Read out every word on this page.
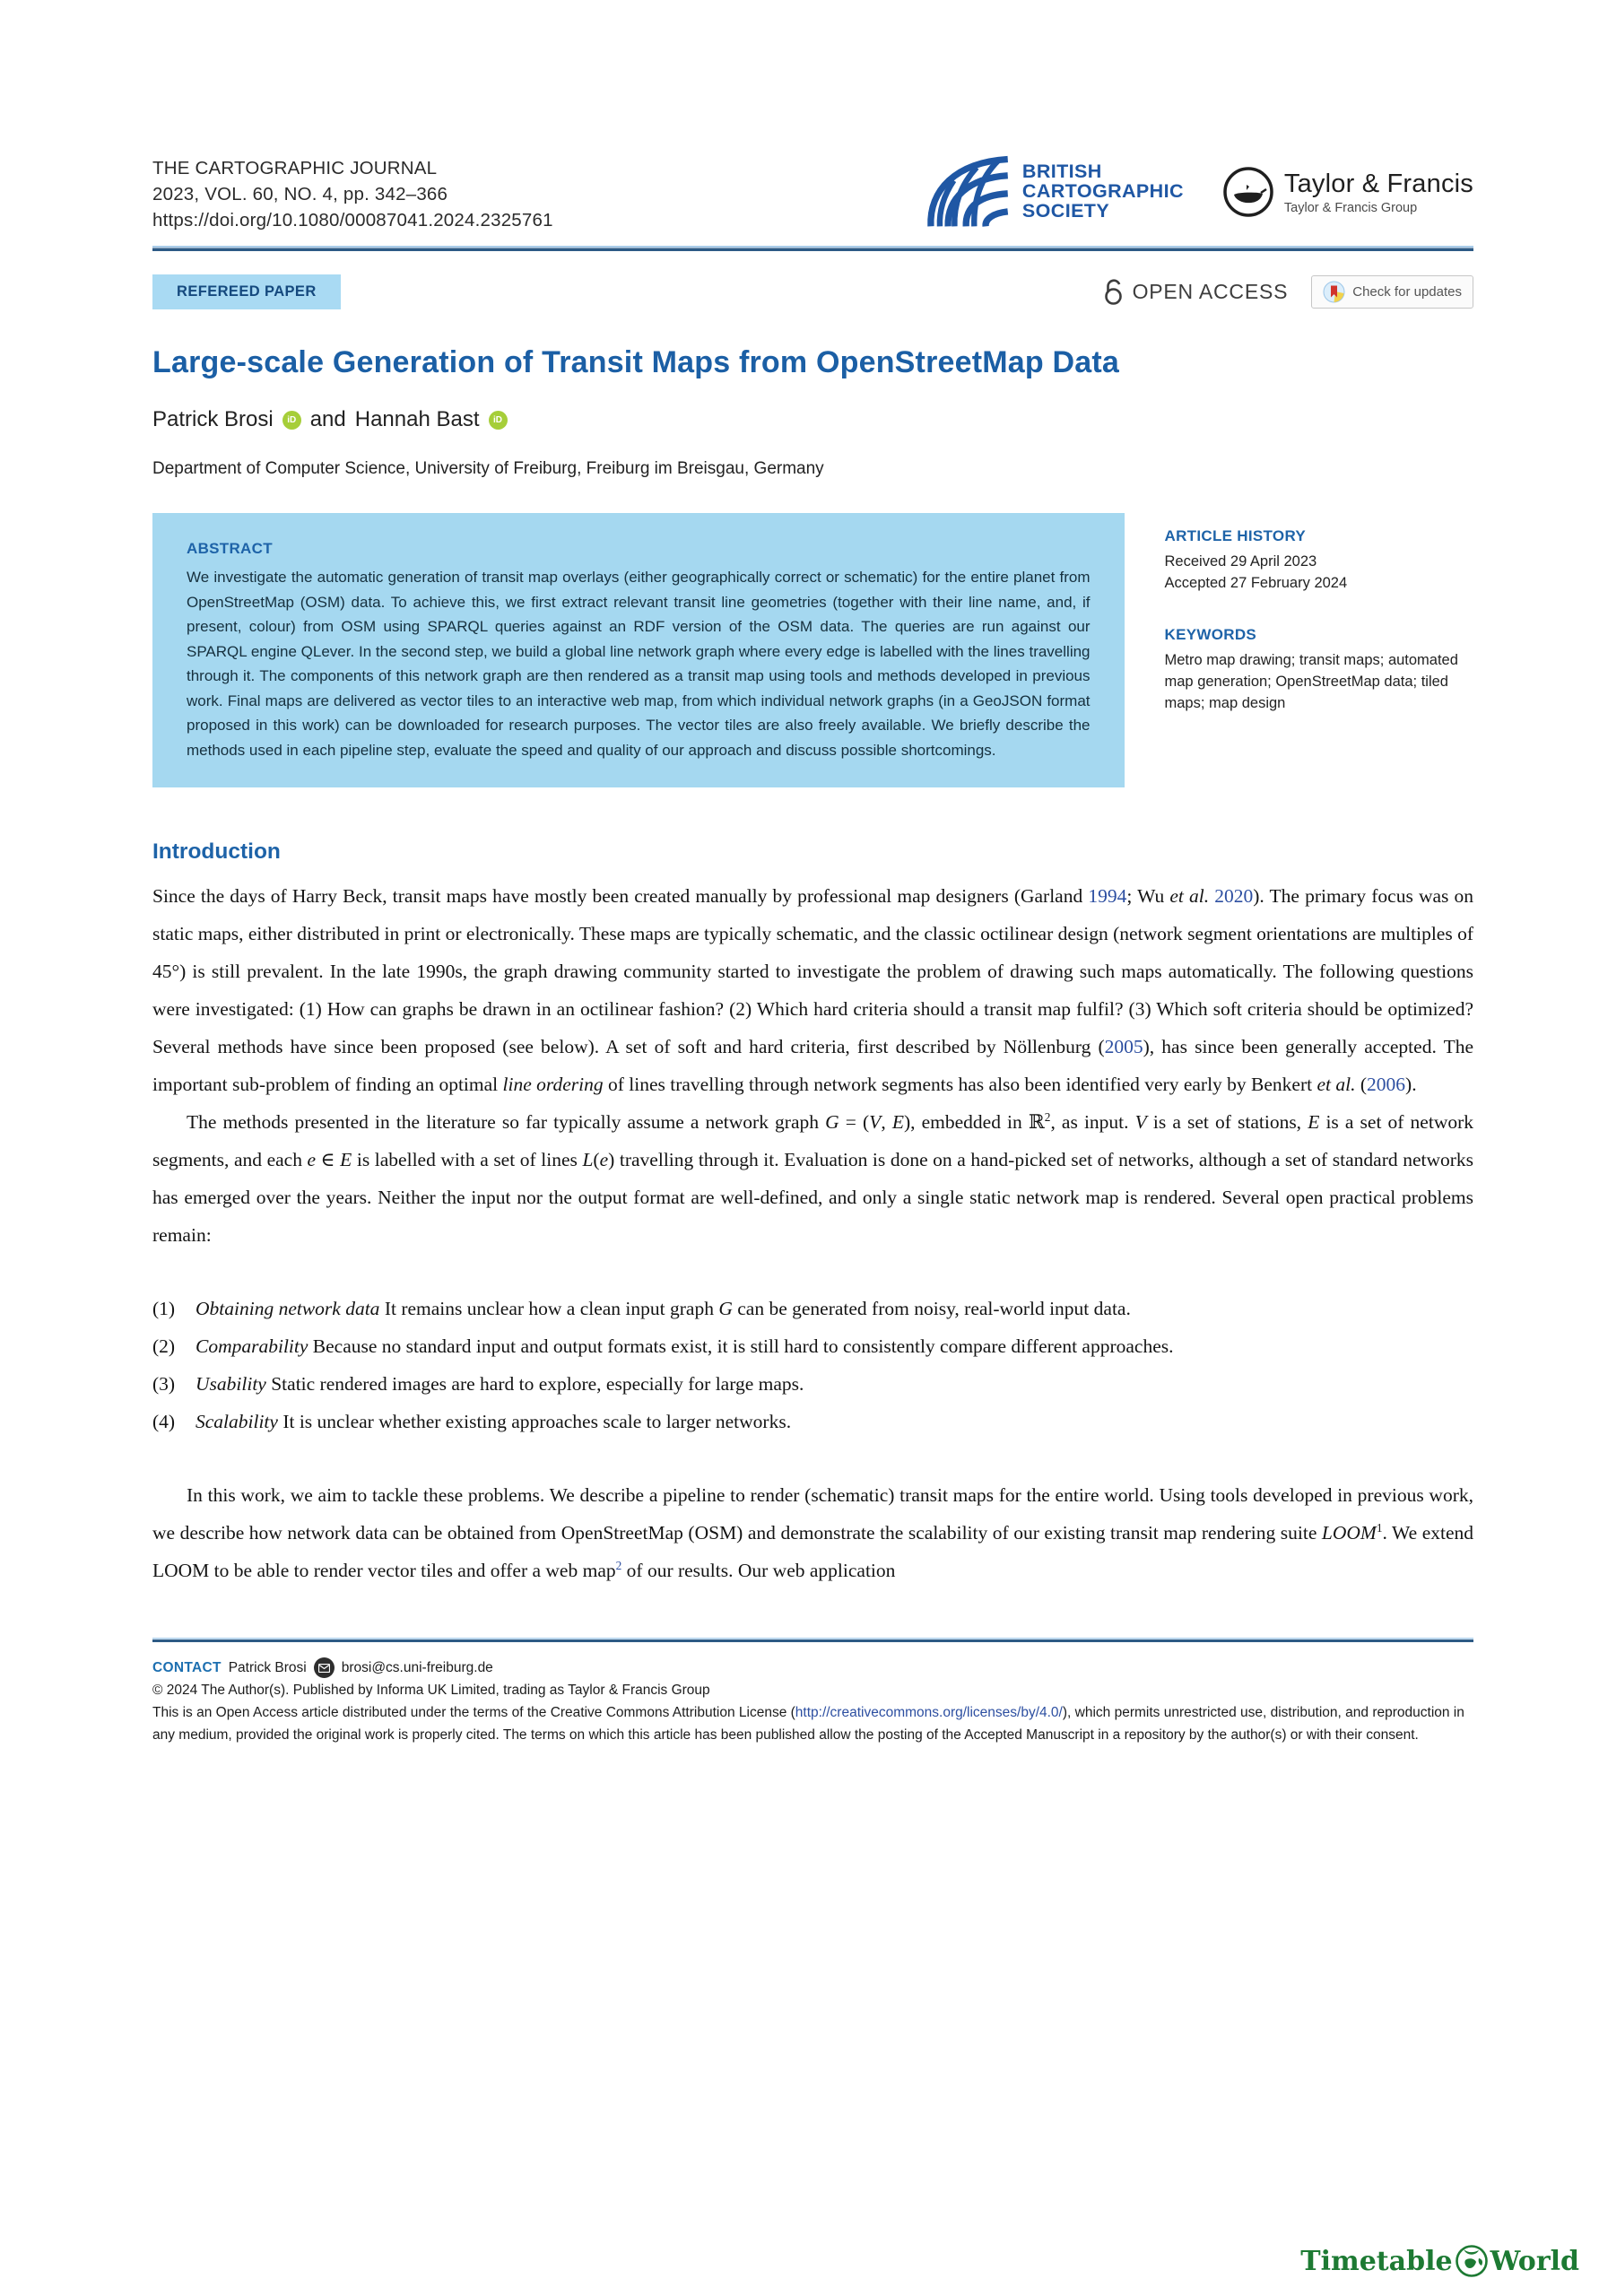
THE CARTOGRAPHIC JOURNAL
2023, VOL. 60, NO. 4, pp. 342–366
https://doi.org/10.1080/00087041.2024.2325761
BRITISH
CARTOGRAPHIC
SOCIETY
Taylor & Francis
Taylor & Francis Group
REFEREED PAPER	OPEN ACCESS	Check for updates
Large-scale Generation of Transit Maps from OpenStreetMap Data
Patrick Brosi	iD and Hannah Bast	iD
Department of Computer Science, University of Freiburg, Freiburg im Breisgau, Germany
ABSTRACT
We investigate the automatic generation of transit map overlays (either geographically correct or schematic) for the entire planet from OpenStreetMap (OSM) data. To achieve this, we first extract relevant transit line geometries (together with their line name, and, if present, colour) from OSM using SPARQL queries against an RDF version of the OSM data. The queries are run against our SPARQL engine QLever. In the second step, we build a global line network graph where every edge is labelled with the lines travelling through it. The components of this network graph are then rendered as a transit map using tools and methods developed in previous work. Final maps are delivered as vector tiles to an interactive web map, from which individual network graphs (in a GeoJSON format proposed in this work) can be downloaded for research purposes. The vector tiles are also freely available. We briefly describe the methods used in each pipeline step, evaluate the speed and quality of our approach and discuss possible shortcomings.
ARTICLE HISTORY
Received 29 April 2023
Accepted 27 February 2024
KEYWORDS
Metro map drawing; transit maps; automated map generation; OpenStreetMap data; tiled maps; map design
Introduction

Since the days of Harry Beck, transit maps have mostly been created manually by professional map designers (Garland 1994; Wu et al. 2020). The primary focus was on static maps, either distributed in print or electronically. These maps are typically schematic, and the classic octilinear design (network segment orientations are multiples of 45°) is still prevalent. In the late 1990s, the graph drawing community started to investigate the problem of drawing such maps automatically. The following questions were investigated: (1) How can graphs be drawn in an octilinear fashion? (2) Which hard criteria should a transit map fulfil? (3) Which soft criteria should be optimized? Several methods have since been proposed (see below). A set of soft and hard criteria, first described by Nöllenburg (2005), has since been generally accepted. The important sub-problem of finding an optimal line ordering of lines travelling through network segments has also been identified very early by Benkert et al. (2006).

The methods presented in the literature so far typically assume a network graph G = (V, E), embedded in ℝ$^2$, as input. V is a set of stations, E is a set of network segments, and each e ∈ E is labelled with a set of lines L(e) travelling through it. Evaluation is done on a hand-picked set of networks, although a set of standard networks has emerged over the years. Neither the input nor the output format are well-defined, and only a single static network map is rendered. Several open practical problems remain:

(1)	Obtaining network data It remains unclear how a clean input graph G can be generated from noisy, real-world input data.
(2)	Comparability Because no standard input and output formats exist, it is still hard to consistently compare different approaches.
(3)	Usability Static rendered images are hard to explore, especially for large maps.
(4)	Scalability It is unclear whether existing approaches scale to larger networks.

In this work, we aim to tackle these problems. We describe a pipeline to render (schematic) transit maps for the entire world. Using tools developed in previous work, we describe how network data can be obtained from OpenStreetMap (OSM) and demonstrate the scalability of our existing transit map rendering suite LOOM$^1$. We extend LOOM to be able to render vector tiles and offer a web map$^2$ of our results. Our web application

CONTACT Patrick Brosi	brosi@cs.uni-freiburg.de
© 2024 The Author(s). Published by Informa UK Limited, trading as Taylor & Francis Group
This is an Open Access article distributed under the terms of the Creative Commons Attribution License (http://creativecommons.org/licenses/by/4.0/), which permits unrestricted use, distribution, and reproduction in any medium, provided the original work is properly cited. The terms on which this article has been published allow the posting of the Accepted Manuscript in a repository by the author(s) or with their consent.
Timetable World
